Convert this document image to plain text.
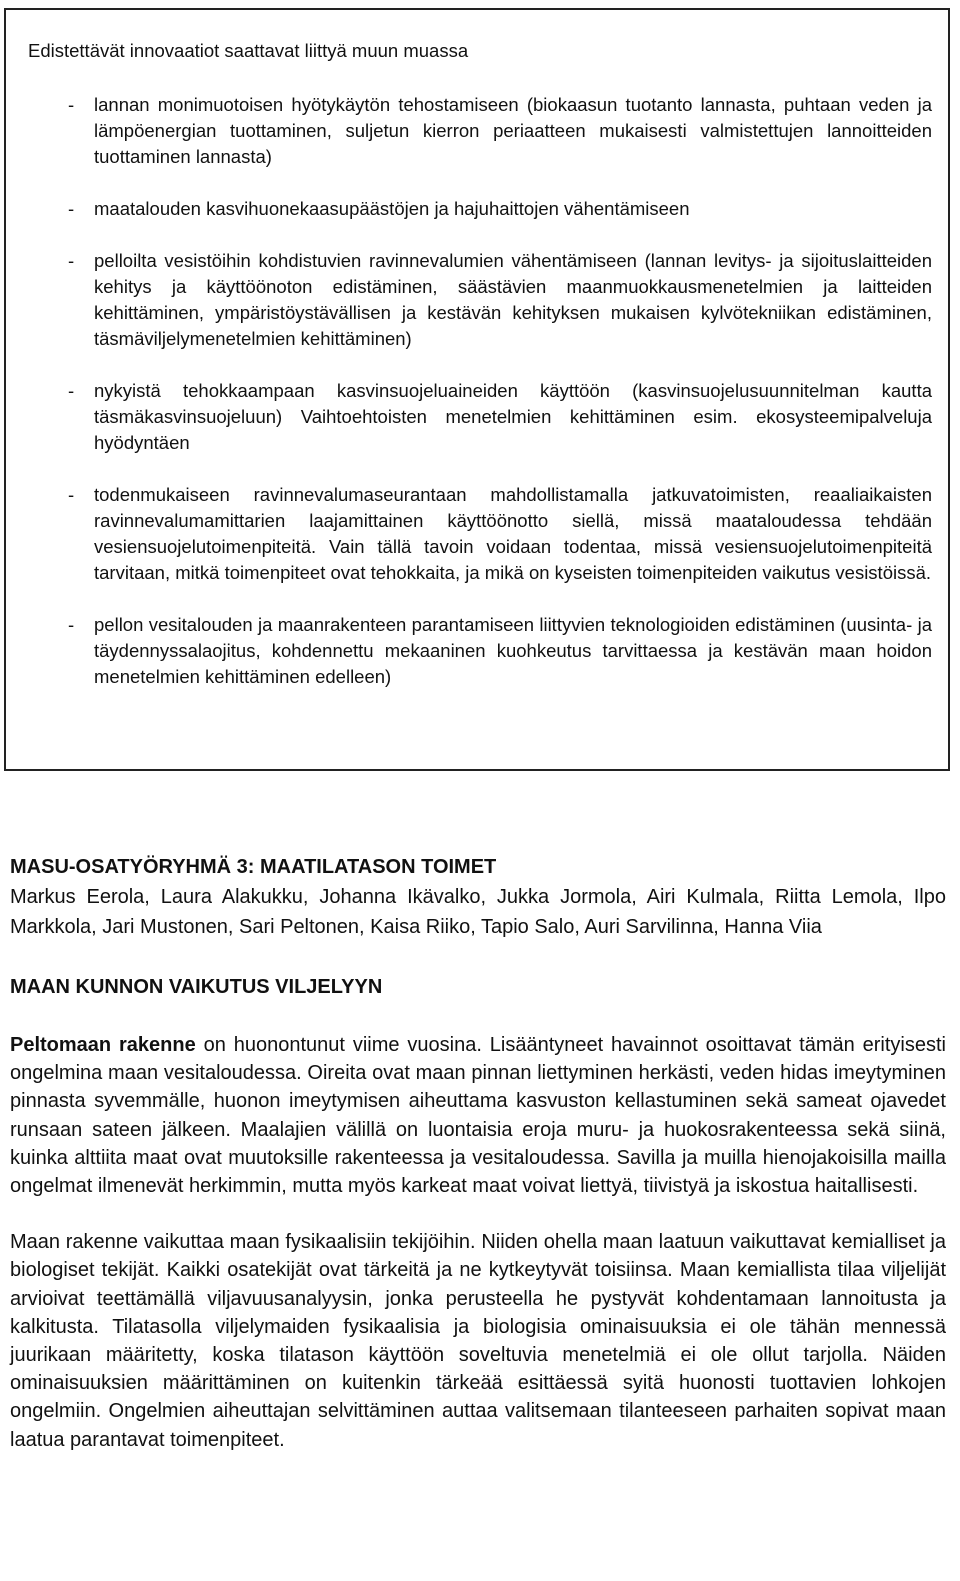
Edistettävät innovaatiot saattavat liittyä muun muassa

- lannan monimuotoisen hyötykäytön tehostamiseen (biokaasun tuotanto lannasta, puhtaan veden ja lämpöenergian tuottaminen, suljetun kierron periaatteen mukaisesti valmistettujen lannoitteiden tuottaminen lannasta)
- maatalouden kasvihuonekaasupäästöjen ja hajuhaittojen vähentämiseen
- pelloilta vesistöihin kohdistuvien ravinnevalumien vähentämiseen (lannan levitys- ja sijoituslaitteiden kehitys ja käyttöönoton edistäminen, säästävien maanmuokkausmenetelmien ja laitteiden kehittäminen, ympäristöystävällisen ja kestävän kehityksen mukaisen kylvötekniikan edistäminen, täsmäviljelymenetelmien kehittäminen)
- nykyistä tehokkaampaan kasvinsuojeluaineiden käyttöön (kasvinsuojelusuunnitelman kautta täsmäkasvinsuojeluun) Vaihtoehtoisten menetelmien kehittäminen esim. ekosysteemipalveluja hyödyntäen
- todenmukaiseen ravinnevalumaseurantaan mahdollistamalla jatkuvatoimisten, reaaliaikaisten ravinnevalumamittarien laajamittainen käyttöönotto siellä, missä maataloudessa tehdään vesiensuojelutoimenpiteitä. Vain tällä tavoin voidaan todentaa, missä vesiensuojelutoimenpiteitä tarvitaan, mitkä toimenpiteet ovat tehokkaita, ja mikä on kyseisten toimenpiteiden vaikutus vesistöissä.
- pellon vesitalouden ja maanrakenteen parantamiseen liittyvien teknologioiden edistäminen (uusinta- ja täydennyssalaojitus, kohdennettu mekaaninen kuohkeutus tarvittaessa ja kestävän maan hoidon menetelmien kehittäminen edelleen)
MASU-OSATYÖRYHMÄ 3: MAATILATASON TOIMET

Markus Eerola, Laura Alakukku, Johanna Ikävalko, Jukka Jormola, Airi Kulmala, Riitta Lemola, Ilpo Markkola, Jari Mustonen, Sari Peltonen, Kaisa Riiko, Tapio Salo, Auri Sarvilinna, Hanna Viia

MAAN KUNNON VAIKUTUS VILJELYYN

Peltomaan rakenne on huonontunut viime vuosina. Lisääntyneet havainnot osoittavat tämän erityisesti ongelmina maan vesitaloudessa. Oireita ovat maan pinnan liettyminen herkästi, veden hidas imeytyminen pinnasta syvemmälle, huonon imeytymisen aiheuttama kasvuston kellastuminen sekä sameat ojavedet runsaan sateen jälkeen. Maalajien välillä on luontaisia eroja muru- ja huokosrakenteessa sekä siinä, kuinka alttiita maat ovat muutoksille rakenteessa ja vesitaloudessa. Savilla ja muilla hienojakoisilla mailla ongelmat ilmenevät herkimmin, mutta myös karkeat maat voivat liettyä, tiivistyä ja iskostua haitallisesti.

Maan rakenne vaikuttaa maan fysikaalisiin tekijöihin. Niiden ohella maan laatuun vaikuttavat kemialliset ja biologiset tekijät. Kaikki osatekijät ovat tärkeitä ja ne kytkeytyvät toisiinsa. Maan kemiallista tilaa viljelijät arvioivat teettämällä viljavuusanalyysin, jonka perusteella he pystyvät kohdentamaan lannoitusta ja kalkitusta. Tilatasolla viljelymaiden fysikaalisia ja biologisia ominaisuuksia ei ole tähän mennessä juurikaan määritetty, koska tilatason käyttöön soveltuvia menetelmiä ei ole ollut tarjolla. Näiden ominaisuuksien määrittäminen on kuitenkin tärkeää esittäessä syitä huonosti tuottavien lohkojen ongelmiin. Ongelmien aiheuttajan selvittäminen auttaa valitsemaan tilanteeseen parhaiten sopivat maan laatua parantavat toimenpiteet.
